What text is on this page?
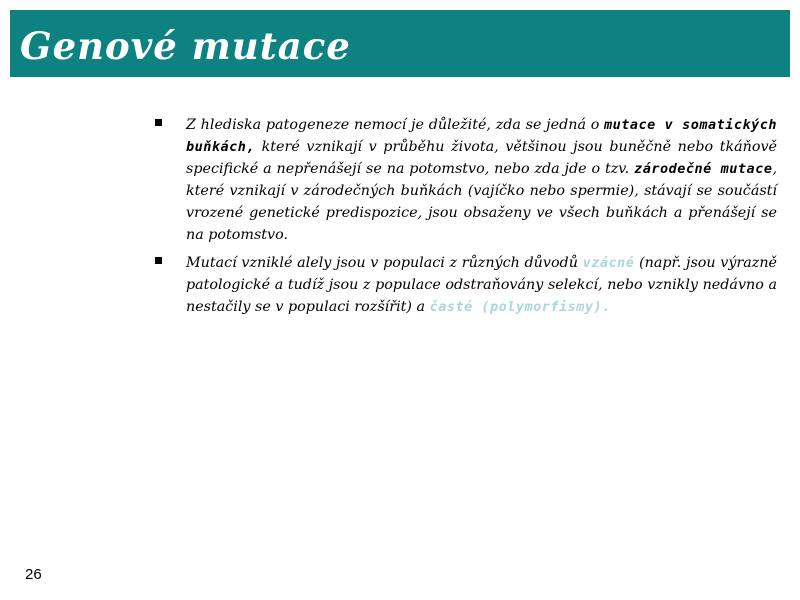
Genové mutace

Z hlediska patogeneze nemocí je důležité, zda se jedná o mutace v somatických buňkách, které vznikají v průběhu života, většinou jsou buněčně nebo tkáňově specifické a nepřenášejí se na potomstvo, nebo zda jde o tzv. zárodečné mutace, které vznikají v zárodečných buňkách (vajíčko nebo spermie), stávají se součástí vrozené genetické predispozice, jsou obsaženy ve všech buňkách a přenášejí se na potomstvo.

Mutací vzniklé alely jsou v populaci z různých důvodů vzácné (např. jsou výrazně patologické a tudíž jsou z populace odstraňovány selekcí, nebo vznikly nedávno a nestačily se v populaci rozšířit) a časté (polymorfismy).

26
